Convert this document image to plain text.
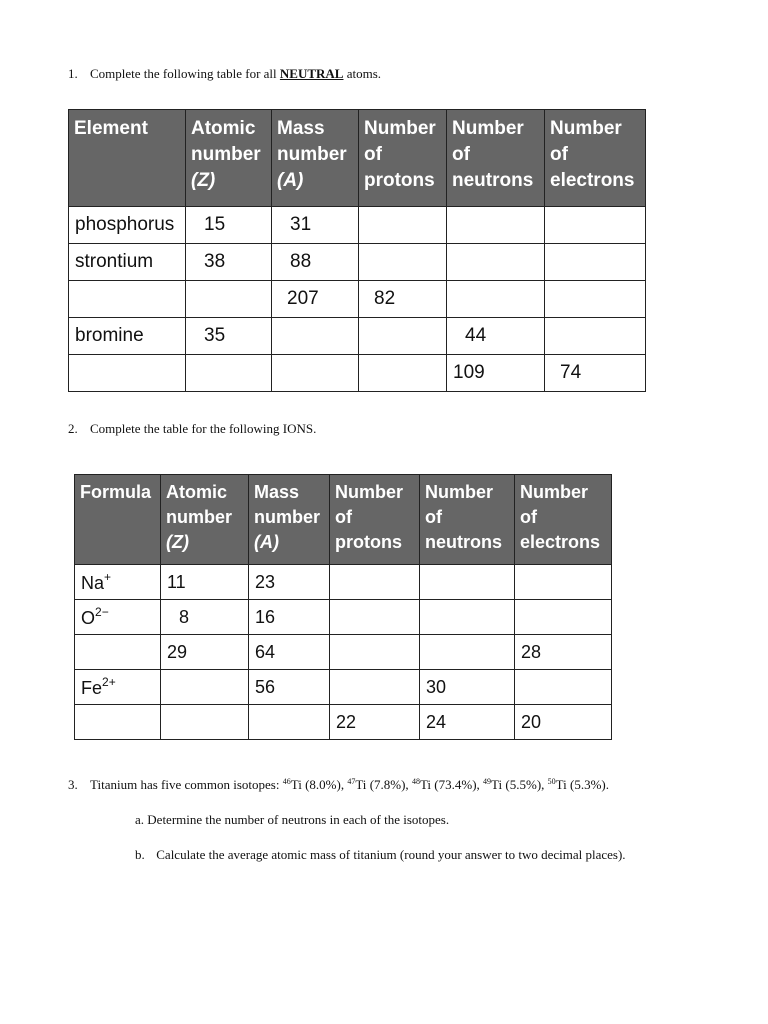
1. Complete the following table for all NEUTRAL atoms.
Element	Atomic
number
(Z)	Mass
number
(A)	Number
of
protons	Number
of
neutrons	Number
of
electrons
phosphorus	15	31			
strontium	38	88			
		207	82		
bromine	35			44	
				109	74
2. Complete the table for the following IONS.
Formula	Atomic
number
(Z)	Mass
number
(A)	Number
of
protons	Number
of
neutrons	Number
of
electrons
Na+	11	23			
$O^{2-}$	8	16			
	29	64			28
$Fe^{2+}$		56		30	
			22	24	20
3. Titanium has five common isotopes: $^{46}$Ti (8.0%), $^{47}$Ti (7.8%), $^{48}$Ti (73.4%), $^{49}$Ti (5.5%), $^{50}$Ti (5.3%).
a. Determine the number of neutrons in each of the isotopes.
b. Calculate the average atomic mass of titanium (round your answer to two decimal places).
